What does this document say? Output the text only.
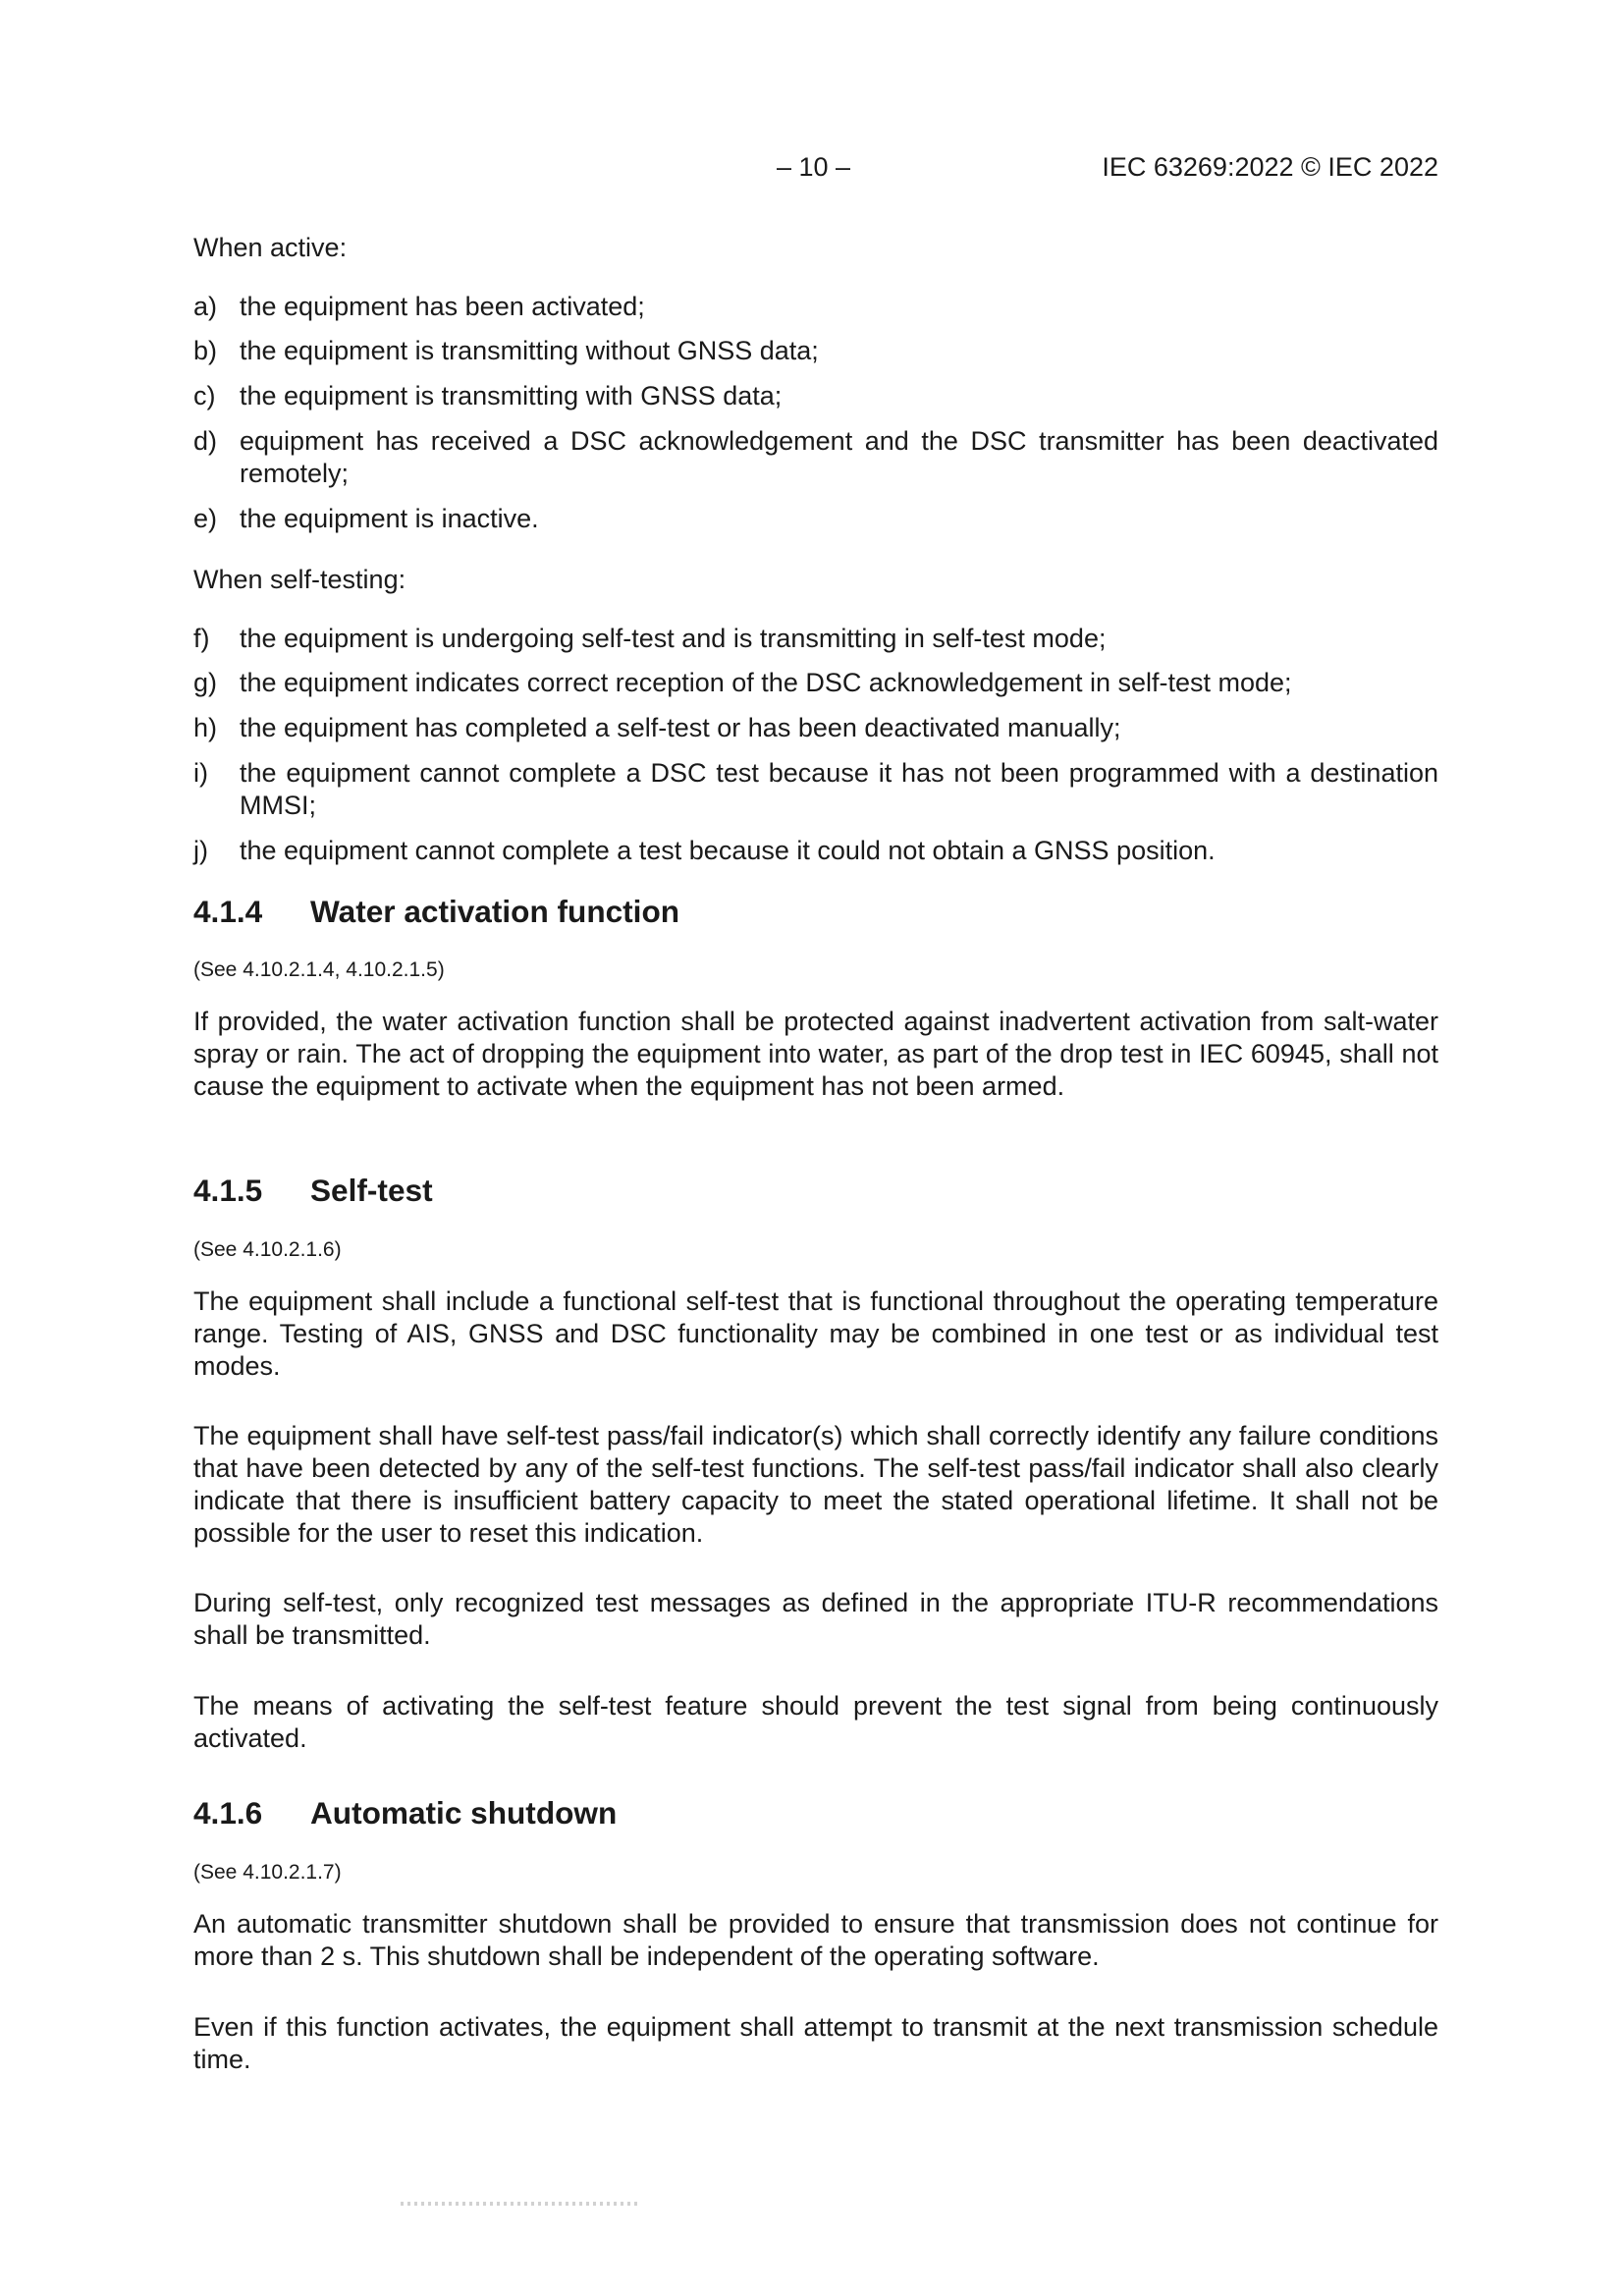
– 10 –	IEC 63269:2022 © IEC 2022

When active:

a) the equipment has been activated;
b) the equipment is transmitting without GNSS data;
c) the equipment is transmitting with GNSS data;
d) equipment has received a DSC acknowledgement and the DSC transmitter has been deactivated remotely;
e) the equipment is inactive.

When self-testing:

f)	the equipment is undergoing self-test and is transmitting in self-test mode;
g) the equipment indicates correct reception of the DSC acknowledgement in self-test mode;
h) the equipment has completed a self-test or has been deactivated manually;
i)	the equipment cannot complete a DSC test because it has not been programmed with a destination MMSI;
j)	the equipment cannot complete a test because it could not obtain a GNSS position.
4.1.4	Water activation function

(See 4.10.2.1.4, 4.10.2.1.5)

If provided, the water activation function shall be protected against inadvertent activation from salt-water spray or rain. The act of dropping the equipment into water, as part of the drop test in IEC 60945, shall not cause the equipment to activate when the equipment has not been armed.

4.1.5	Self-test

(See 4.10.2.1.6)

The equipment shall include a functional self-test that is functional throughout the operating temperature range. Testing of AIS, GNSS and DSC functionality may be combined in one test or as individual test modes.

The equipment shall have self-test pass/fail indicator(s) which shall correctly identify any failure conditions that have been detected by any of the self-test functions. The self-test pass/fail indicator shall also clearly indicate that there is insufficient battery capacity to meet the stated operational lifetime. It shall not be possible for the user to reset this indication.

During self-test, only recognized test messages as defined in the appropriate ITU-R recommendations shall be transmitted.

The means of activating the self-test feature should prevent the test signal from being continuously activated.

4.1.6	Automatic shutdown

(See 4.10.2.1.7)

An automatic transmitter shutdown shall be provided to ensure that transmission does not continue for more than 2 s. This shutdown shall be independent of the operating software.

Even if this function activates, the equipment shall attempt to transmit at the next transmission schedule time.
